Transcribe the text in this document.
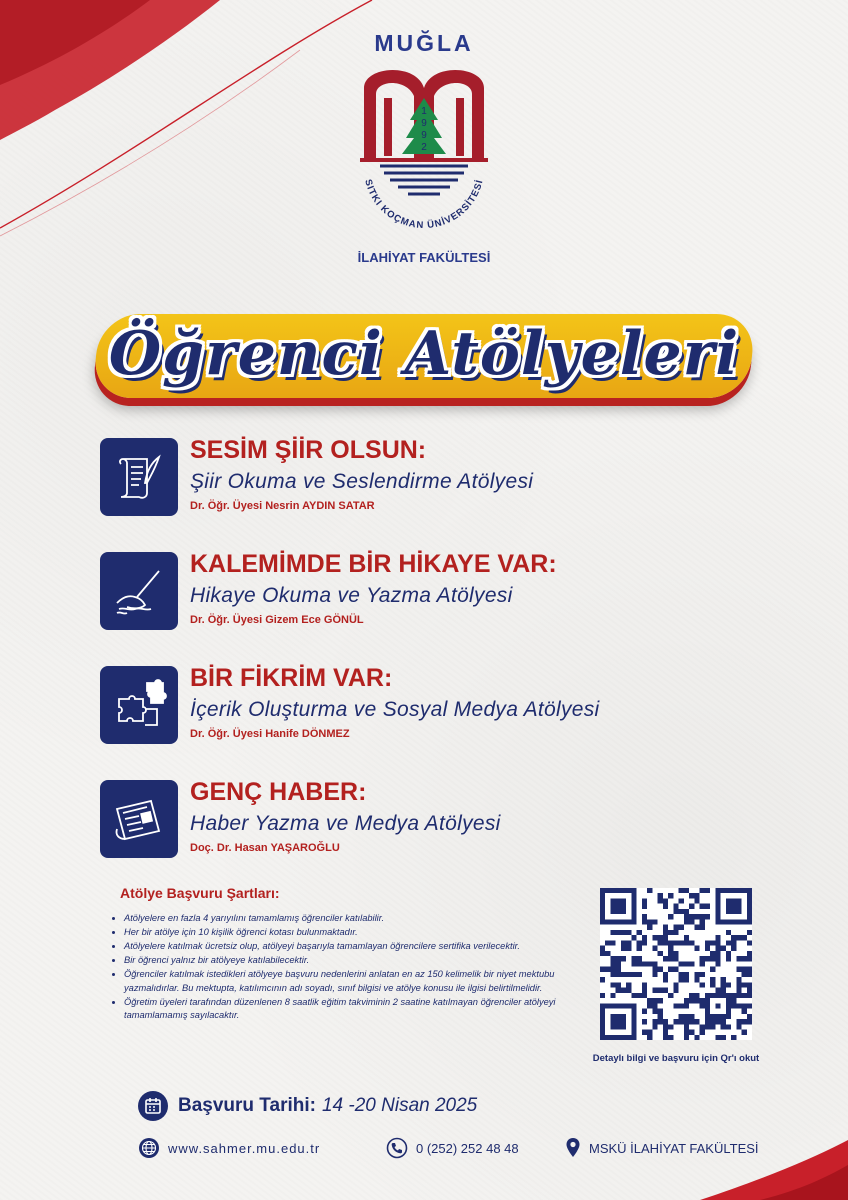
MUĞLA
1
9
9
2
SITKI KOÇMAN ÜNİVERSİTESİ
İLAHİYAT FAKÜLTESİ
Öğrenci Atölyeleri
SESİM ŞİİR OLSUN:
Şiir Okuma ve Seslendirme Atölyesi
Dr. Öğr. Üyesi Nesrin AYDIN SATAR
KALEMİMDE BİR HİKAYE VAR:
Hikaye Okuma ve Yazma Atölyesi
Dr. Öğr. Üyesi Gizem Ece GÖNÜL
BİR FİKRİM VAR:
İçerik Oluşturma ve Sosyal Medya Atölyesi
Dr. Öğr. Üyesi Hanife DÖNMEZ
GENÇ HABER:
Haber Yazma ve Medya Atölyesi
Doç. Dr. Hasan YAŞAROĞLU
Atölye Başvuru Şartları:
• Atölyelere en fazla 4 yarıyılını tamamlamış öğrenciler katılabilir.
• Her bir atölye için 10 kişilik öğrenci kotası bulunmaktadır.
• Atölyelere katılmak ücretsiz olup, atölyeyi başarıyla tamamlayan öğrencilere sertifika verilecektir.
• Bir öğrenci yalnız bir atölyeye katılabilecektir.
• Öğrenciler katılmak istedikleri atölyeye başvuru nedenlerini anlatan en az 150 kelimelik bir niyet mektubu yazmalıdırlar. Bu mektupta, katılımcının adı soyadı, sınıf bilgisi ve atölye konusu ile ilgisi belirtilmelidir.
• Öğretim üyeleri tarafından düzenlenen 8 saatlik eğitim takviminin 2 saatine katılmayan öğrenciler atölyeyi tamamlamamış sayılacaktır.
Detaylı bilgi ve başvuru için Qr'ı okut
Başvuru Tarihi: 14 -20 Nisan 2025
www.sahmer.mu.edu.tr	0 (252) 252 48 48	MSKÜ İLAHİYAT FAKÜLTESİ
